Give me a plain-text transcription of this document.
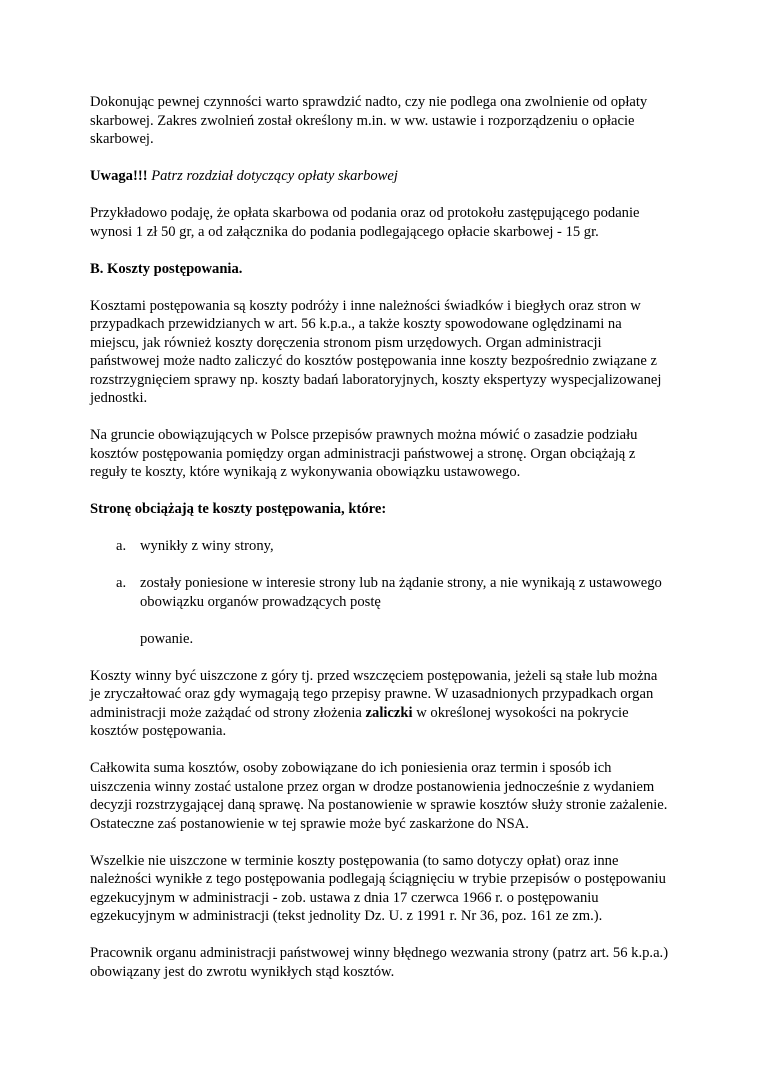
Dokonując pewnej czynności warto sprawdzić nadto, czy nie podlega ona zwolnienie od opłaty skarbowej. Zakres zwolnień został określony m.in. w ww. ustawie i rozporządzeniu o opłacie skarbowej.

Uwaga!!! Patrz rozdział dotyczący opłaty skarbowej

Przykładowo podaję, że opłata skarbowa od podania oraz od protokołu zastępującego podanie wynosi 1 zł 50 gr, a od załącznika do podania podlegającego opłacie skarbowej - 15 gr.

B. Koszty postępowania.

Kosztami postępowania są koszty podróży i inne należności świadków i biegłych oraz stron w przypadkach przewidzianych w art. 56 k.p.a., a także koszty spowodowane oględzinami na miejscu, jak również koszty doręczenia stronom pism urzędowych. Organ administracji państwowej może nadto zaliczyć do kosztów postępowania inne koszty bezpośrednio związane z rozstrzygnięciem sprawy np. koszty badań laboratoryjnych, koszty ekspertyzy wyspecjalizowanej jednostki.

Na gruncie obowiązujących w Polsce przepisów prawnych można mówić o zasadzie podziału kosztów postępowania pomiędzy organ administracji państwowej a stronę. Organ obciążają z reguły te koszty, które wynikają z wykonywania obowiązku ustawowego.

Stronę obciążają te koszty postępowania, które:

a. wynikły z winy strony,
a. zostały poniesione w interesie strony lub na żądanie strony, a nie wynikają z ustawowego obowiązku organów prowadzących postę

powanie.

Koszty winny być uiszczone z góry tj. przed wszczęciem postępowania, jeżeli są stałe lub można je zryczałtować oraz gdy wymagają tego przepisy prawne. W uzasadnionych przypadkach organ administracji może zażądać od strony złożenia zaliczki w określonej wysokości na pokrycie kosztów postępowania.

Całkowita suma kosztów, osoby zobowiązane do ich poniesienia oraz termin i sposób ich uiszczenia winny zostać ustalone przez organ w drodze postanowienia jednocześnie z wydaniem decyzji rozstrzygającej daną sprawę. Na postanowienie w sprawie kosztów służy stronie zażalenie. Ostateczne zaś postanowienie w tej sprawie może być zaskarżone do NSA.

Wszelkie nie uiszczone w terminie koszty postępowania (to samo dotyczy opłat) oraz inne należności wynikłe z tego postępowania podlegają ściągnięciu w trybie przepisów o postępowaniu egzekucyjnym w administracji - zob. ustawa z dnia 17 czerwca 1966 r. o postępowaniu egzekucyjnym w administracji (tekst jednolity Dz. U. z 1991 r. Nr 36, poz. 161 ze zm.).

Pracownik organu administracji państwowej winny błędnego wezwania strony (patrz art. 56 k.p.a.) obowiązany jest do zwrotu wynikłych stąd kosztów.
